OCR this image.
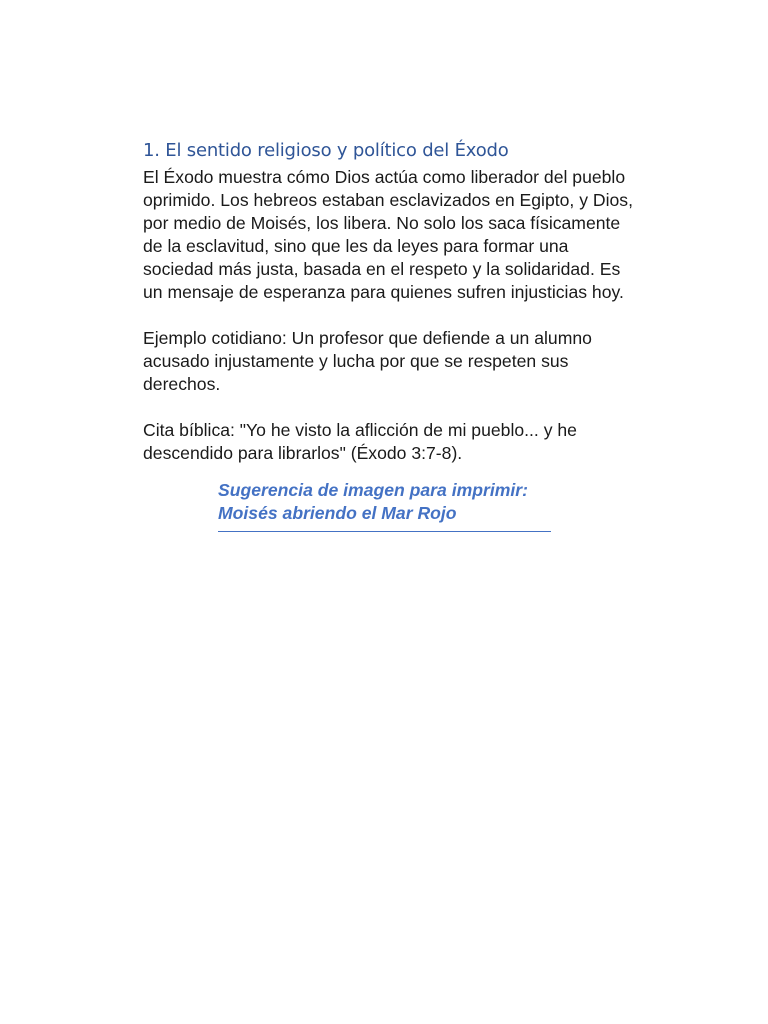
1. El sentido religioso y político del Éxodo

El Éxodo muestra cómo Dios actúa como liberador del pueblo oprimido. Los hebreos estaban esclavizados en Egipto, y Dios, por medio de Moisés, los libera. No solo los saca físicamente de la esclavitud, sino que les da leyes para formar una sociedad más justa, basada en el respeto y la solidaridad. Es un mensaje de esperanza para quienes sufren injusticias hoy.

Ejemplo cotidiano: Un profesor que defiende a un alumno acusado injustamente y lucha por que se respeten sus derechos.

Cita bíblica: "Yo he visto la aflicción de mi pueblo... y he descendido para librarlos" (Éxodo 3:7-8).

Sugerencia de imagen para imprimir: Moisés abriendo el Mar Rojo
